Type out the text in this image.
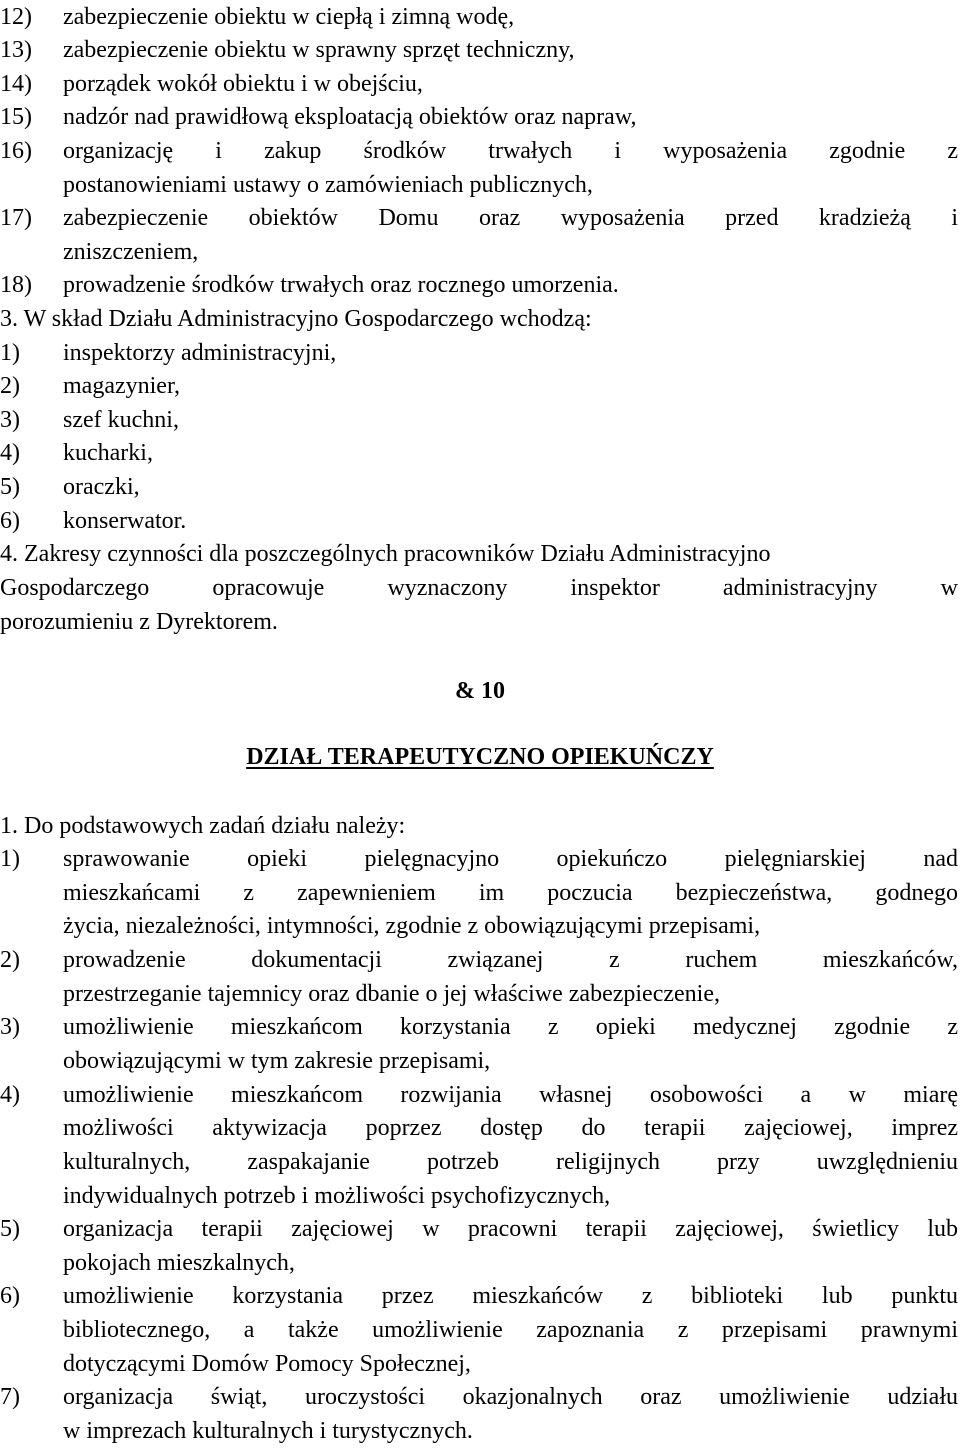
12)	zabezpieczenie obiektu w ciepłą i zimną wodę,
13)	zabezpieczenie obiektu w sprawny sprzęt techniczny,
14)	porządek wokół obiektu i w obejściu,
15)	nadzór nad prawidłową eksploatacją obiektów oraz napraw,
16)	organizację i zakup środków trwałych i wyposażenia zgodnie z
postanowieniami ustawy o zamówieniach publicznych,
17)	zabezpieczenie obiektów Domu oraz wyposażenia przed kradzieżą i
zniszczeniem,
18)	prowadzenie środków trwałych oraz rocznego umorzenia.
3. W skład Działu Administracyjno Gospodarczego wchodzą:
1)	inspektorzy administracyjni,
2)	magazynier,
3)	szef kuchni,
4)	kucharki,
5)	oraczki,
6)	konserwator.
4. Zakresy czynności dla poszczególnych pracowników Działu Administracyjno
Gospodarczego opracowuje wyznaczony inspektor administracyjny w
porozumieniu z Dyrektorem.
& 10
DZIAŁ TERAPEUTYCZNO OPIEKUŃCZY
1. Do podstawowych zadań działu należy:
1)	sprawowanie opieki pielęgnacyjno opiekuńczo pielęgniarskiej nad
mieszkańcami z zapewnieniem im poczucia bezpieczeństwa, godnego
życia, niezależności, intymności, zgodnie z obowiązującymi przepisami,
2)	prowadzenie dokumentacji związanej z ruchem mieszkańców,
przestrzeganie tajemnicy oraz dbanie o jej właściwe zabezpieczenie,
3)	umożliwienie mieszkańcom korzystania z opieki medycznej zgodnie z
obowiązującymi w tym zakresie przepisami,
4)	umożliwienie mieszkańcom rozwijania własnej osobowości a w miarę
możliwości aktywizacja poprzez dostęp do terapii zajęciowej, imprez
kulturalnych, zaspakajanie potrzeb religijnych przy uwzględnieniu
indywidualnych potrzeb i możliwości psychofizycznych,
5)	organizacja terapii zajęciowej w pracowni terapii zajęciowej, świetlicy lub
pokojach mieszkalnych,
6)	umożliwienie korzystania przez mieszkańców z biblioteki lub punktu
bibliotecznego, a także umożliwienie zapoznania z przepisami prawnymi
dotyczącymi Domów Pomocy Społecznej,
7)	organizacja świąt, uroczystości okazjonalnych oraz umożliwienie udziału
w imprezach kulturalnych i turystycznych.
